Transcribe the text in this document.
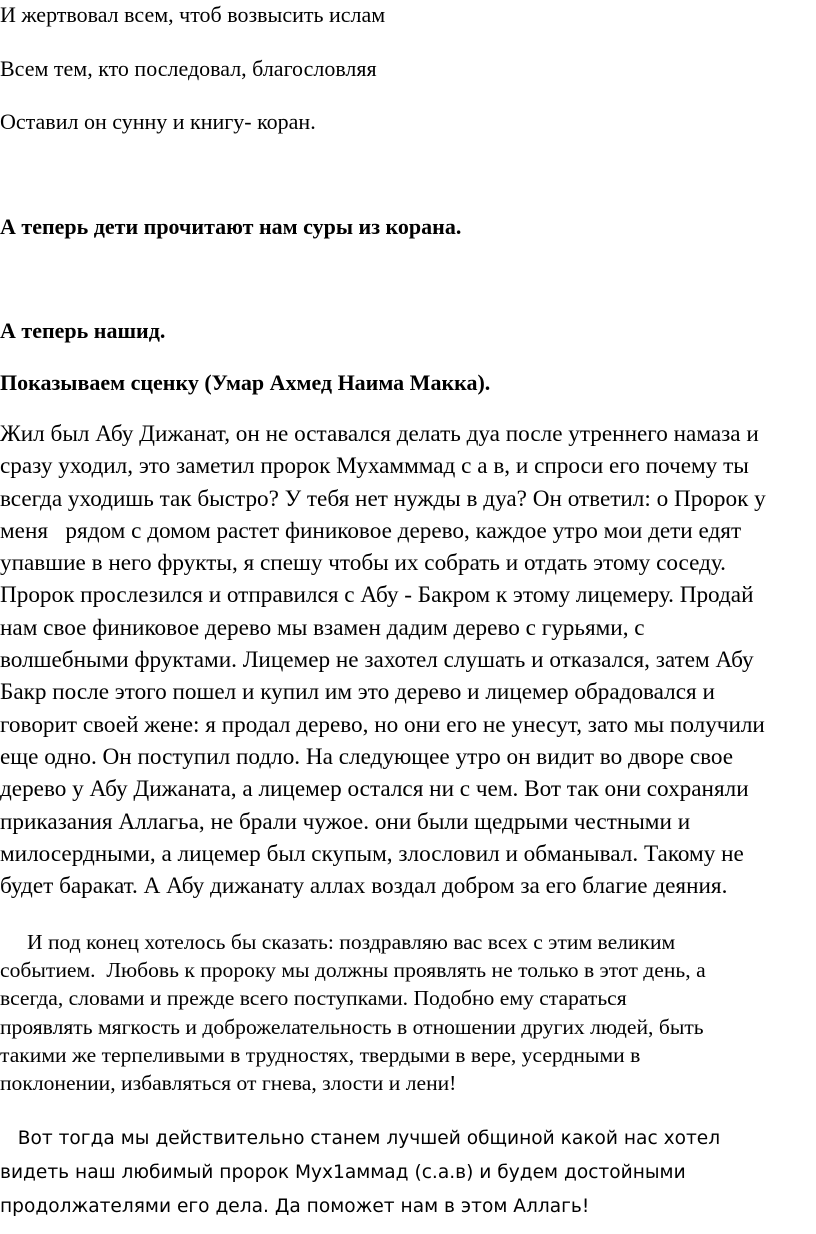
И жертвовал всем, чтоб возвысить ислам
Всем тем, кто последовал, благословляя
Оставил он сунну и книгу- коран.
А теперь дети прочитают нам суры из корана.
А теперь нашид.
Показываем сценку (Умар Ахмед Наима Макка).

Жил был Абу Дижанат, он не оставался делать дуа после утреннего намаза и
сразу уходил, это заметил пророк Мухамммад с а в, и спроси его почему ты
всегда уходишь так быстро? У тебя нет нужды в дуа? Он ответил: о Пророк у
меня   рядом с домом растет финиковое дерево, каждое утро мои дети едят
упавшие в него фрукты, я спешу чтобы их собрать и отдать этому соседу.
Пророк прослезился и отправился с Абу - Бакром к этому лицемеру. Продай
нам свое финиковое дерево мы взамен дадим дерево с гурьями, с
волшебными фруктами. Лицемер не захотел слушать и отказался, затем Абу
Бакр после этого пошел и купил им это дерево и лицемер обрадовался и
говорит своей жене: я продал дерево, но они его не унесут, зато мы получили
еще одно. Он поступил подло. На следующее утро он видит во дворе свое
дерево у Абу Дижаната, а лицемер остался ни с чем. Вот так они сохраняли
приказания Аллагьа, не брали чужое. они были щедрыми честными и
милосердными, а лицемер был скупым, злословил и обманывал. Такому не
будет баракат. А Абу дижанату аллах воздал добром за его благие деяния.

И под конец хотелось бы сказать: поздравляю вас всех с этим великим
событием.  Любовь к пророку мы должны проявлять не только в этот день, а
всегда, словами и прежде всего поступками. Подобно ему стараться
проявлять мягкость и доброжелательность в отношении других людей, быть
такими же терпеливыми в трудностях, твердыми в вере, усердными в
поклонении, избавляться от гнева, злости и лени!

Вот тогда мы действительно станем лучшей общиной какой нас хотел
видеть наш любимый пророк Мух1аммад (с.а.в) и будем достойными
продолжателями его дела. Да поможет нам в этом Аллагь!
